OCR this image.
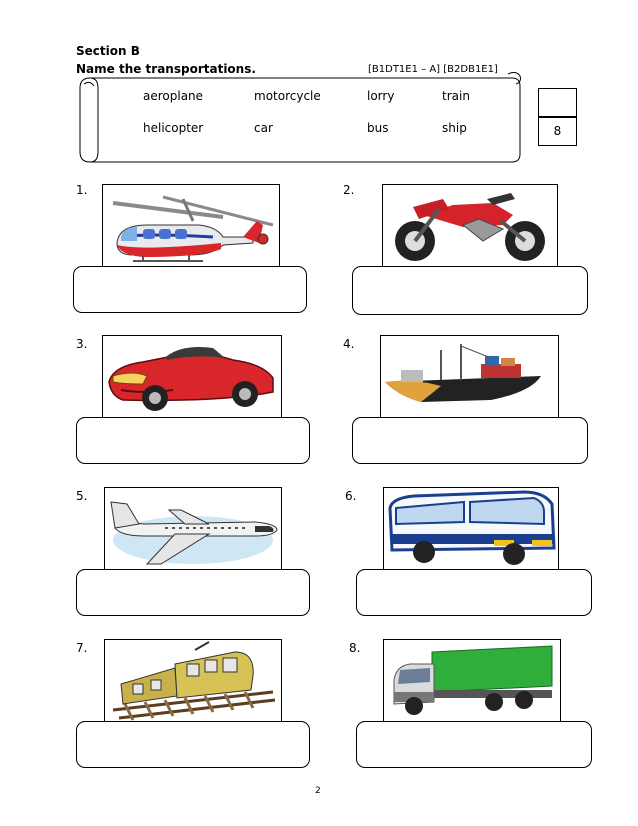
Section B
Name the transportations.	[B1DT1E1 – A] [B2DB1E1]
aeroplane	motorcycle	lorry	train
helicopter	car	bus	ship	8
1.	2.
3.	4.
5.	6.
7.	8.
2
